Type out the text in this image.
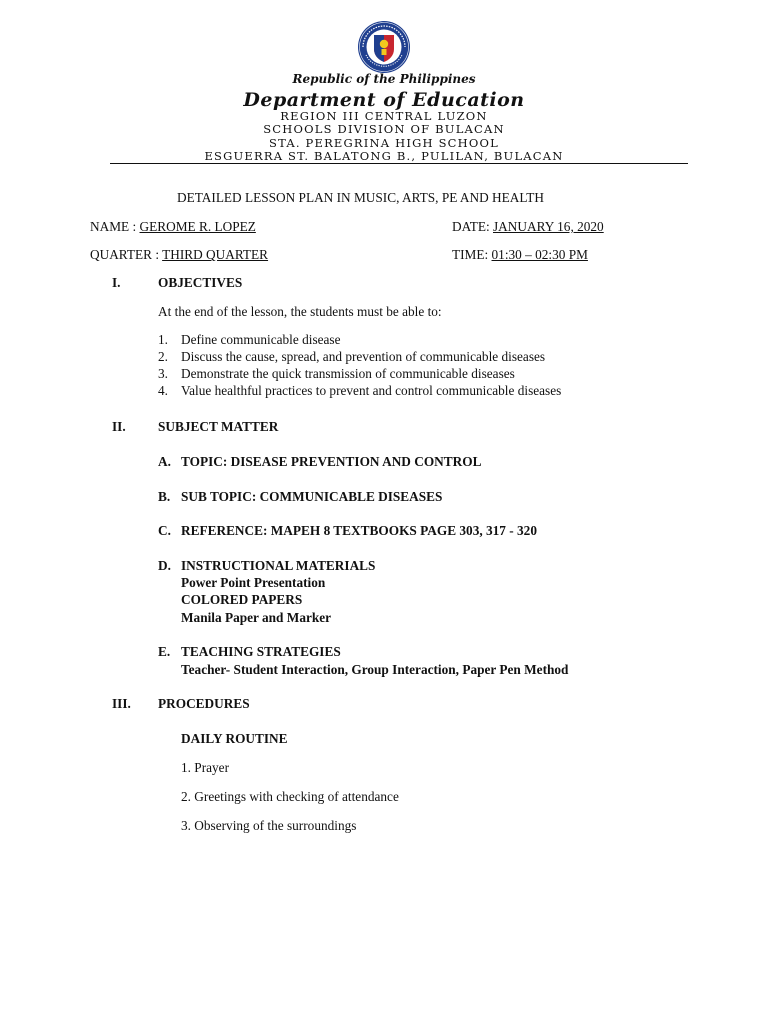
Republic of the Philippines
Department of Education
REGION III CENTRAL LUZON
SCHOOLS DIVISION OF BULACAN
STA. PEREGRINA HIGH SCHOOL
ESGUERRA ST. BALATONG B., PULILAN, BULACAN
DETAILED LESSON PLAN IN MUSIC, ARTS, PE AND HEALTH
NAME : GEROME R. LOPEZ	DATE: JANUARY 16, 2020
QUARTER : THIRD QUARTER	TIME: 01:30 – 02:30 PM
I.	OBJECTIVES
At the end of the lesson, the students must be able to:
1. Define communicable disease
2. Discuss the cause, spread, and prevention of communicable diseases
3. Demonstrate the quick transmission of communicable diseases
4. Value healthful practices to prevent and control communicable diseases
II. SUBJECT MATTER
A. TOPIC: DISEASE PREVENTION AND CONTROL
B. SUB TOPIC: COMMUNICABLE DISEASES
C. REFERENCE: MAPEH 8 TEXTBOOKS PAGE 303, 317 - 320
D. INSTRUCTIONAL MATERIALS
Power Point Presentation
COLORED PAPERS
Manila Paper and Marker
E. TEACHING STRATEGIES
Teacher- Student Interaction, Group Interaction, Paper Pen Method
III. PROCEDURES
DAILY ROUTINE
1. Prayer
2. Greetings with checking of attendance
3. Observing of the surroundings
